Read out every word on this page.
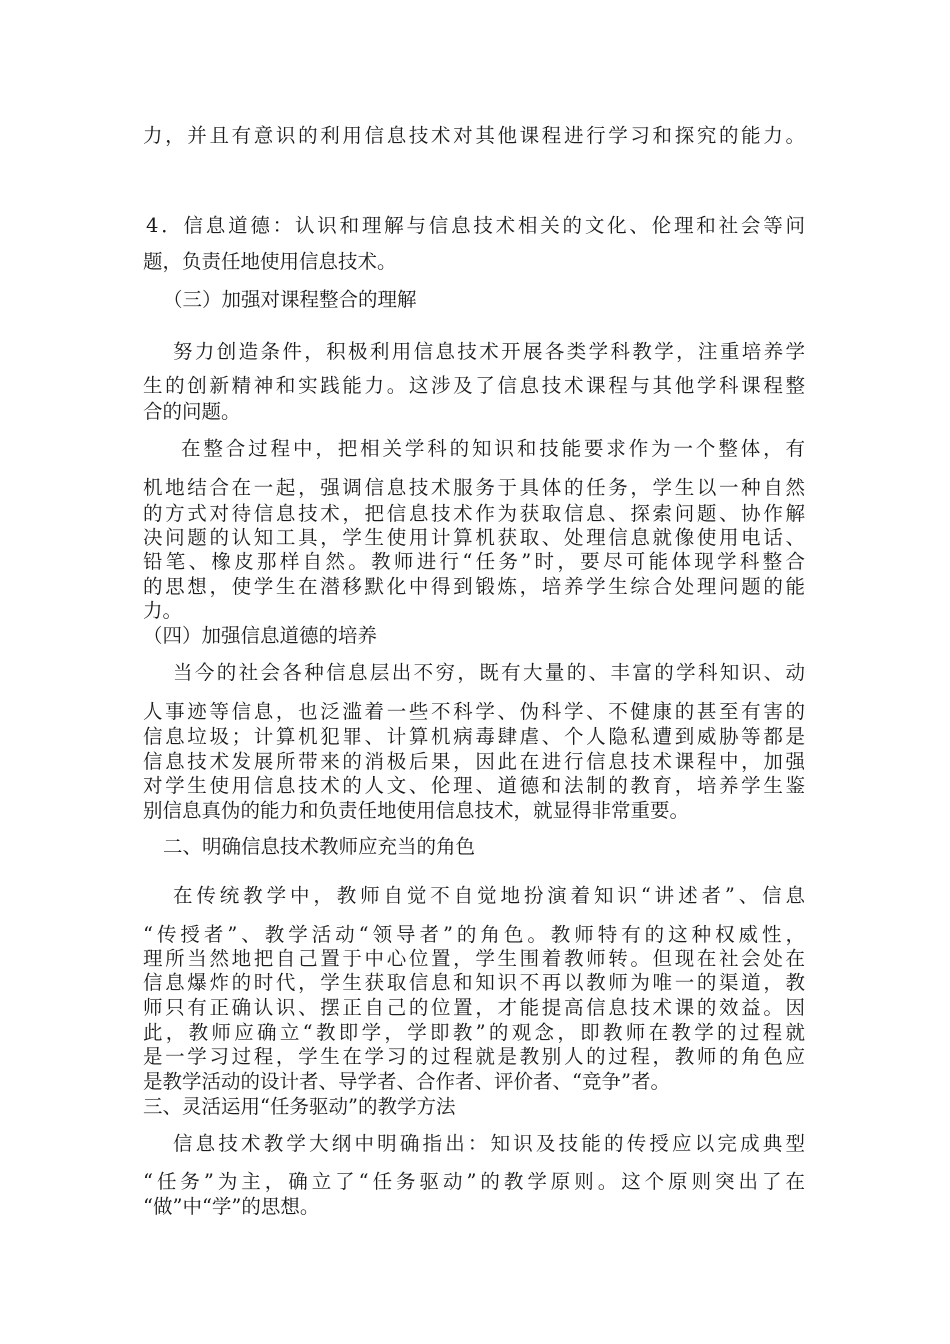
力，并且有意识的利用信息技术对其他课程进行学习和探究的能力。
4．信息道德：认识和理解与信息技术相关的文化、伦理和社会等问
题，负责任地使用信息技术。
（三）加强对课程整合的理解
努力创造条件，积极利用信息技术开展各类学科教学，注重培养学
生的创新精神和实践能力。这涉及了信息技术课程与其他学科课程整
合的问题。
在整合过程中，把相关学科的知识和技能要求作为一个整体，有
机地结合在一起，强调信息技术服务于具体的任务，学生以一种自然
的方式对待信息技术，把信息技术作为获取信息、探索问题、协作解
决问题的认知工具，学生使用计算机获取、处理信息就像使用电话、
铅笔、橡皮那样自然。教师进行“任务”时，要尽可能体现学科整合
的思想，使学生在潜移默化中得到锻炼，培养学生综合处理问题的能
力。
（四）加强信息道德的培养
当今的社会各种信息层出不穷，既有大量的、丰富的学科知识、动
人事迹等信息，也泛滥着一些不科学、伪科学、不健康的甚至有害的
信息垃圾；计算机犯罪、计算机病毒肆虐、个人隐私遭到威胁等都是
信息技术发展所带来的消极后果，因此在进行信息技术课程中，加强
对学生使用信息技术的人文、伦理、道德和法制的教育，培养学生鉴
别信息真伪的能力和负责任地使用信息技术，就显得非常重要。
二、明确信息技术教师应充当的角色
在传统教学中，教师自觉不自觉地扮演着知识“讲述者”、信息
“传授者”、教学活动“领导者”的角色。教师特有的这种权威性，
理所当然地把自己置于中心位置，学生围着教师转。但现在社会处在
信息爆炸的时代，学生获取信息和知识不再以教师为唯一的渠道，教
师只有正确认识、摆正自己的位置，才能提高信息技术课的效益。因
此，教师应确立“教即学，学即教”的观念，即教师在教学的过程就
是一学习过程，学生在学习的过程就是教别人的过程，教师的角色应
是教学活动的设计者、导学者、合作者、评价者、“竞争”者。
三、灵活运用“任务驱动”的教学方法
信息技术教学大纲中明确指出：知识及技能的传授应以完成典型
“任务”为主，确立了“任务驱动”的教学原则。这个原则突出了在
“做”中“学”的思想。
